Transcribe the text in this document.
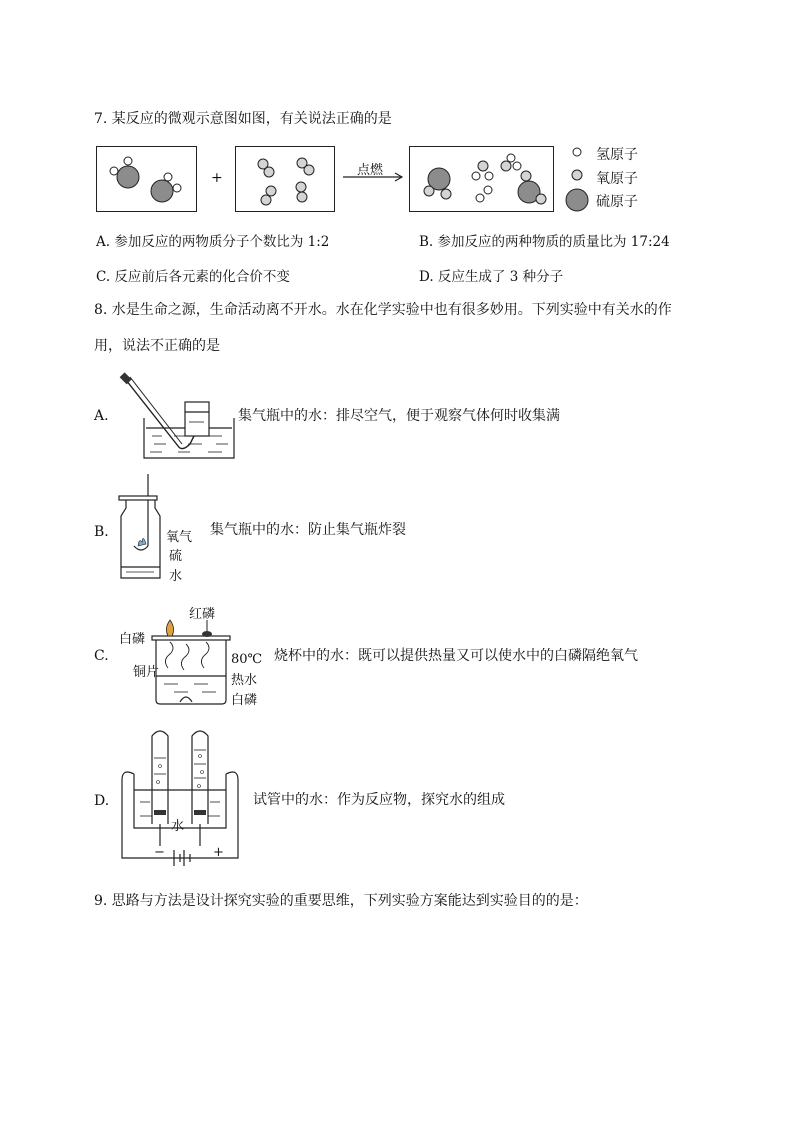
7. 某反应的微观示意图如图，有关说法正确的是
+	点燃
氢原子
氧原子
硫原子
A. 参加反应的两物质分子个数比为 1:2	B. 参加反应的两种物质的质量比为 17:24
C. 反应前后各元素的化合价不变	D. 反应生成了 3 种分子
8. 水是生命之源，生命活动离不开水。水在化学实验中也有很多妙用。下列实验中有关水的作
用，说法不正确的是
A.	集气瓶中的水：排尽空气，便于观察气体何时收集满
B.	氧气
硫
水
集气瓶中的水：防止集气瓶炸裂
C.
红磷
白磷
铜片
80℃
热水
白磷
烧杯中的水：既可以提供热量又可以使水中的白磷隔绝氧气
D.
水
−	+
试管中的水：作为反应物，探究水的组成
9. 思路与方法是设计探究实验的重要思维，下列实验方案能达到实验目的的是：
